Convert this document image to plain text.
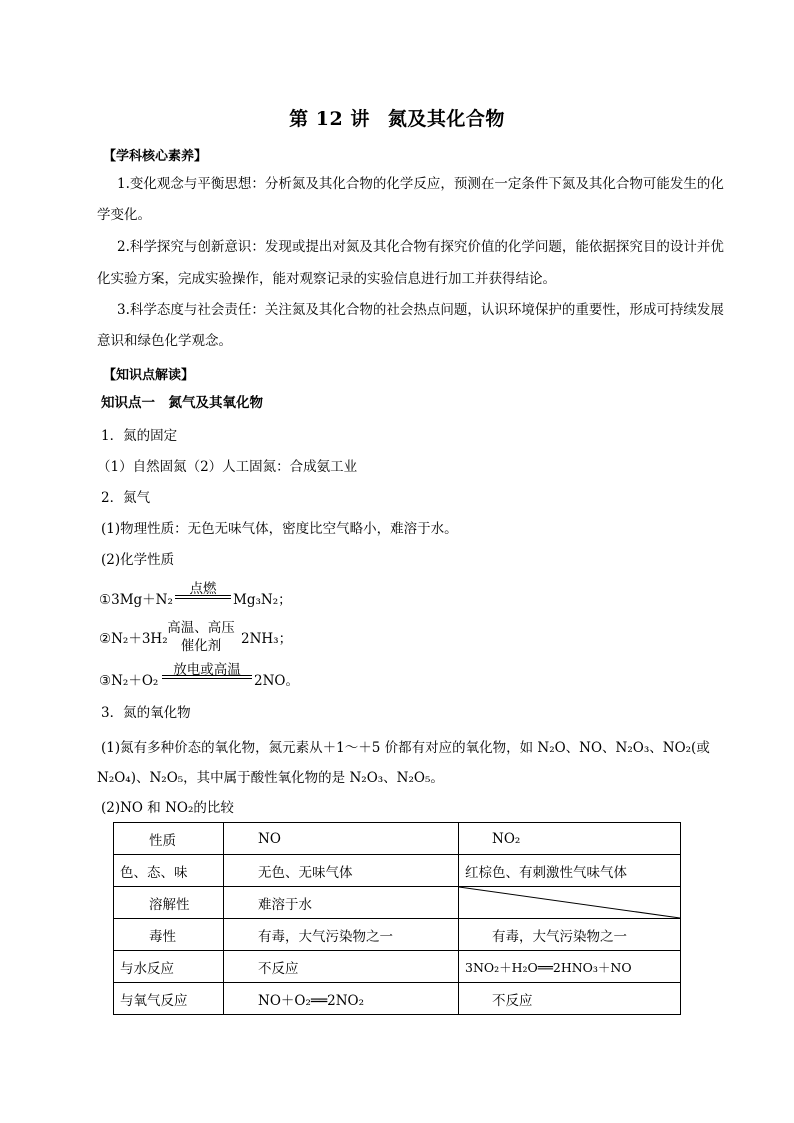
第 12 讲 氮及其化合物
【学科核心素养】
1.变化观念与平衡思想：分析氮及其化合物的化学反应，预测在一定条件下氮及其化合物可能发生的化
学变化。
2.科学探究与创新意识：发现或提出对氮及其化合物有探究价值的化学问题，能依据探究目的设计并优
化实验方案，完成实验操作，能对观察记录的实验信息进行加工并获得结论。
3.科学态度与社会责任：关注氮及其化合物的社会热点问题，认识环境保护的重要性，形成可持续发展
意识和绿色化学观念。
【知识点解读】
知识点一　氮气及其氧化物
1．氮的固定
（1）自然固氮（2）人工固氮：合成氨工业
2．氮气
(1)物理性质：无色无味气体，密度比空气略小，难溶于水。
(2)化学性质
①3Mg＋N₂
点燃
Mg₃N₂；
②N₂＋3H₂
高温、高压
催化剂	2NH₃；
③N₂＋O₂
放电或高温
2NO。
3．氮的氧化物
(1)氮有多种价态的氧化物，氮元素从＋1～＋5 价都有对应的氧化物，如 N₂O、NO、N₂O₃、NO₂(或
N₂O₄)、N₂O₅，其中属于酸性氧化物的是 N₂O₃、N₂O₅。
(2)NO 和 NO₂的比较
性质	NO	NO₂
色、态、味	无色、无味气体	红棕色、有刺激性气味气体
溶解性	难溶于水	

毒性	有毒，大气污染物之一	有毒，大气污染物之一
与水反应	不反应	3NO₂＋H₂O══2HNO₃＋NO
与氧气反应	NO＋O₂══2NO₂	不反应
